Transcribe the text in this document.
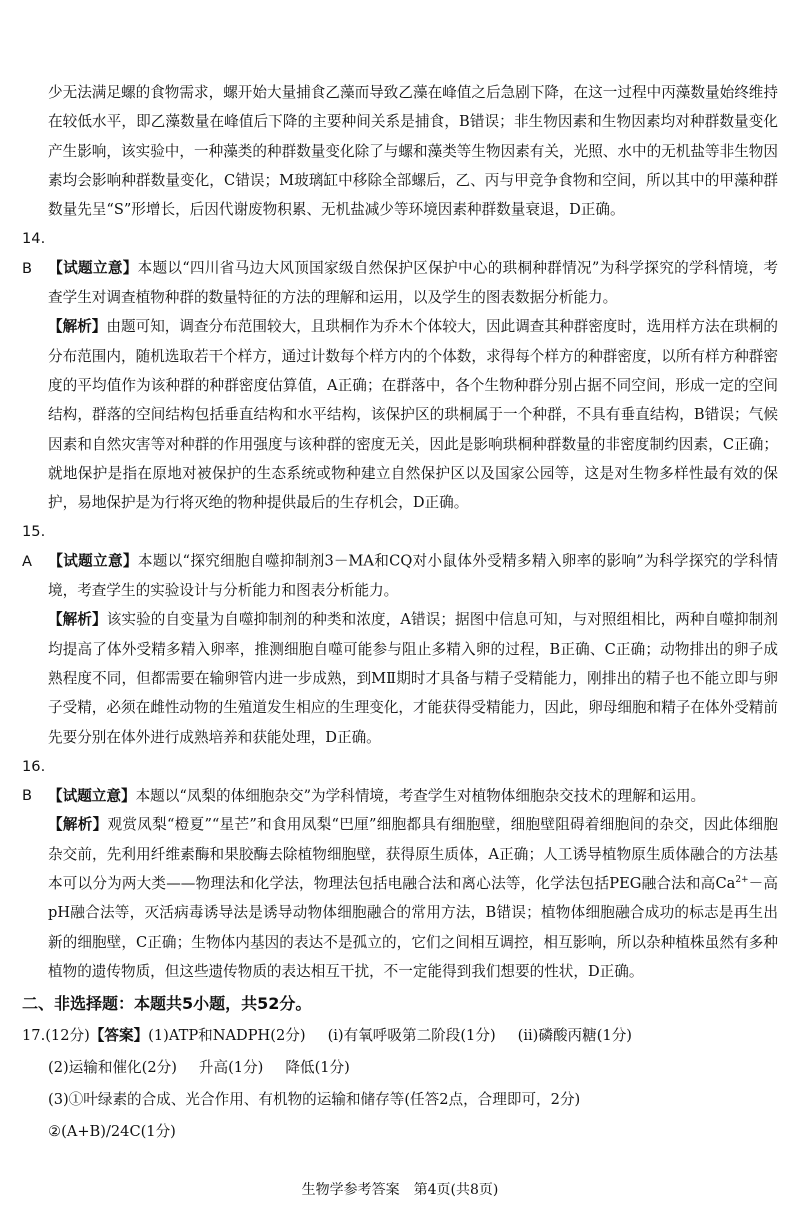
少无法满足螺的食物需求，螺开始大量捕食乙藻而导致乙藻在峰值之后急剧下降，在这一过程中丙藻数量始终维持在较低水平，即乙藻数量在峰值后下降的主要种间关系是捕食，B错误；非生物因素和生物因素均对种群数量变化产生影响，该实验中，一种藻类的种群数量变化除了与螺和藻类等生物因素有关，光照、水中的无机盐等非生物因素均会影响种群数量变化，C错误；M玻璃缸中移除全部螺后，乙、丙与甲竞争食物和空间，所以其中的甲藻种群数量先呈“S”形增长，后因代谢废物积累、无机盐减少等环境因素种群数量衰退，D正确。

14.B 【试题立意】本题以“四川省马边大风顶国家级自然保护区保护中心的珙桐种群情况”为科学探究的学科情境，考查学生对调查植物种群的数量特征的方法的理解和运用，以及学生的图表数据分析能力。

【解析】由题可知，调查分布范围较大，且珙桐作为乔木个体较大，因此调查其种群密度时，选用样方法在珙桐的分布范围内，随机选取若干个样方，通过计数每个样方内的个体数，求得每个样方的种群密度，以所有样方种群密度的平均值作为该种群的种群密度估算值，A正确；在群落中，各个生物种群分别占据不同空间，形成一定的空间结构，群落的空间结构包括垂直结构和水平结构，该保护区的珙桐属于一个种群，不具有垂直结构，B错误；气候因素和自然灾害等对种群的作用强度与该种群的密度无关，因此是影响珙桐种群数量的非密度制约因素，C正确；就地保护是指在原地对被保护的生态系统或物种建立自然保护区以及国家公园等，这是对生物多样性最有效的保护，易地保护是为行将灭绝的物种提供最后的生存机会，D正确。

15.A 【试题立意】本题以“探究细胞自噬抑制剂3－MA和CQ对小鼠体外受精多精入卵率的影响”为科学探究的学科情境，考查学生的实验设计与分析能力和图表分析能力。

【解析】该实验的自变量为自噬抑制剂的种类和浓度，A错误；据图中信息可知，与对照组相比，两种自噬抑制剂均提高了体外受精多精入卵率，推测细胞自噬可能参与阻止多精入卵的过程，B正确、C正确；动物排出的卵子成熟程度不同，但都需要在输卵管内进一步成熟，到MⅡ期时才具备与精子受精能力，刚排出的精子也不能立即与卵子受精，必须在雌性动物的生殖道发生相应的生理变化，才能获得受精能力，因此，卵母细胞和精子在体外受精前先要分别在体外进行成熟培养和获能处理，D正确。

16.B 【试题立意】本题以“凤梨的体细胞杂交”为学科情境，考查学生对植物体细胞杂交技术的理解和运用。

【解析】观赏凤梨“橙夏”“星芒”和食用凤梨“巴厘”细胞都具有细胞壁，细胞壁阻碍着细胞间的杂交，因此体细胞杂交前，先利用纤维素酶和果胶酶去除植物细胞壁，获得原生质体，A正确；人工诱导植物原生质体融合的方法基本可以分为两大类——物理法和化学法，物理法包括电融合法和离心法等，化学法包括PEG融合法和高$Ca^{2+}-$高pH融合法等，灭活病毒诱导法是诱导动物体细胞融合的常用方法，B错误；植物体细胞融合成功的标志是再生出新的细胞壁，C正确；生物体内基因的表达不是孤立的，它们之间相互调控，相互影响，所以杂种植株虽然有多种植物的遗传物质，但这些遗传物质的表达相互干扰，不一定能得到我们想要的性状，D正确。

二、非选择题：本题共5小题，共52分。

17.(12分)【答案】(1)ATP和NADPH(2分) (i)有氧呼吸第二阶段(1分) (ii)磷酸丙糖(1分)

(2)运输和催化(2分) 升高(1分) 降低(1分)

(3)①叶绿素的合成、光合作用、有机物的运输和储存等(任答2点，合理即可，2分)

②(A+B)/24C(1分)

生物学参考答案　第4页(共8页)
